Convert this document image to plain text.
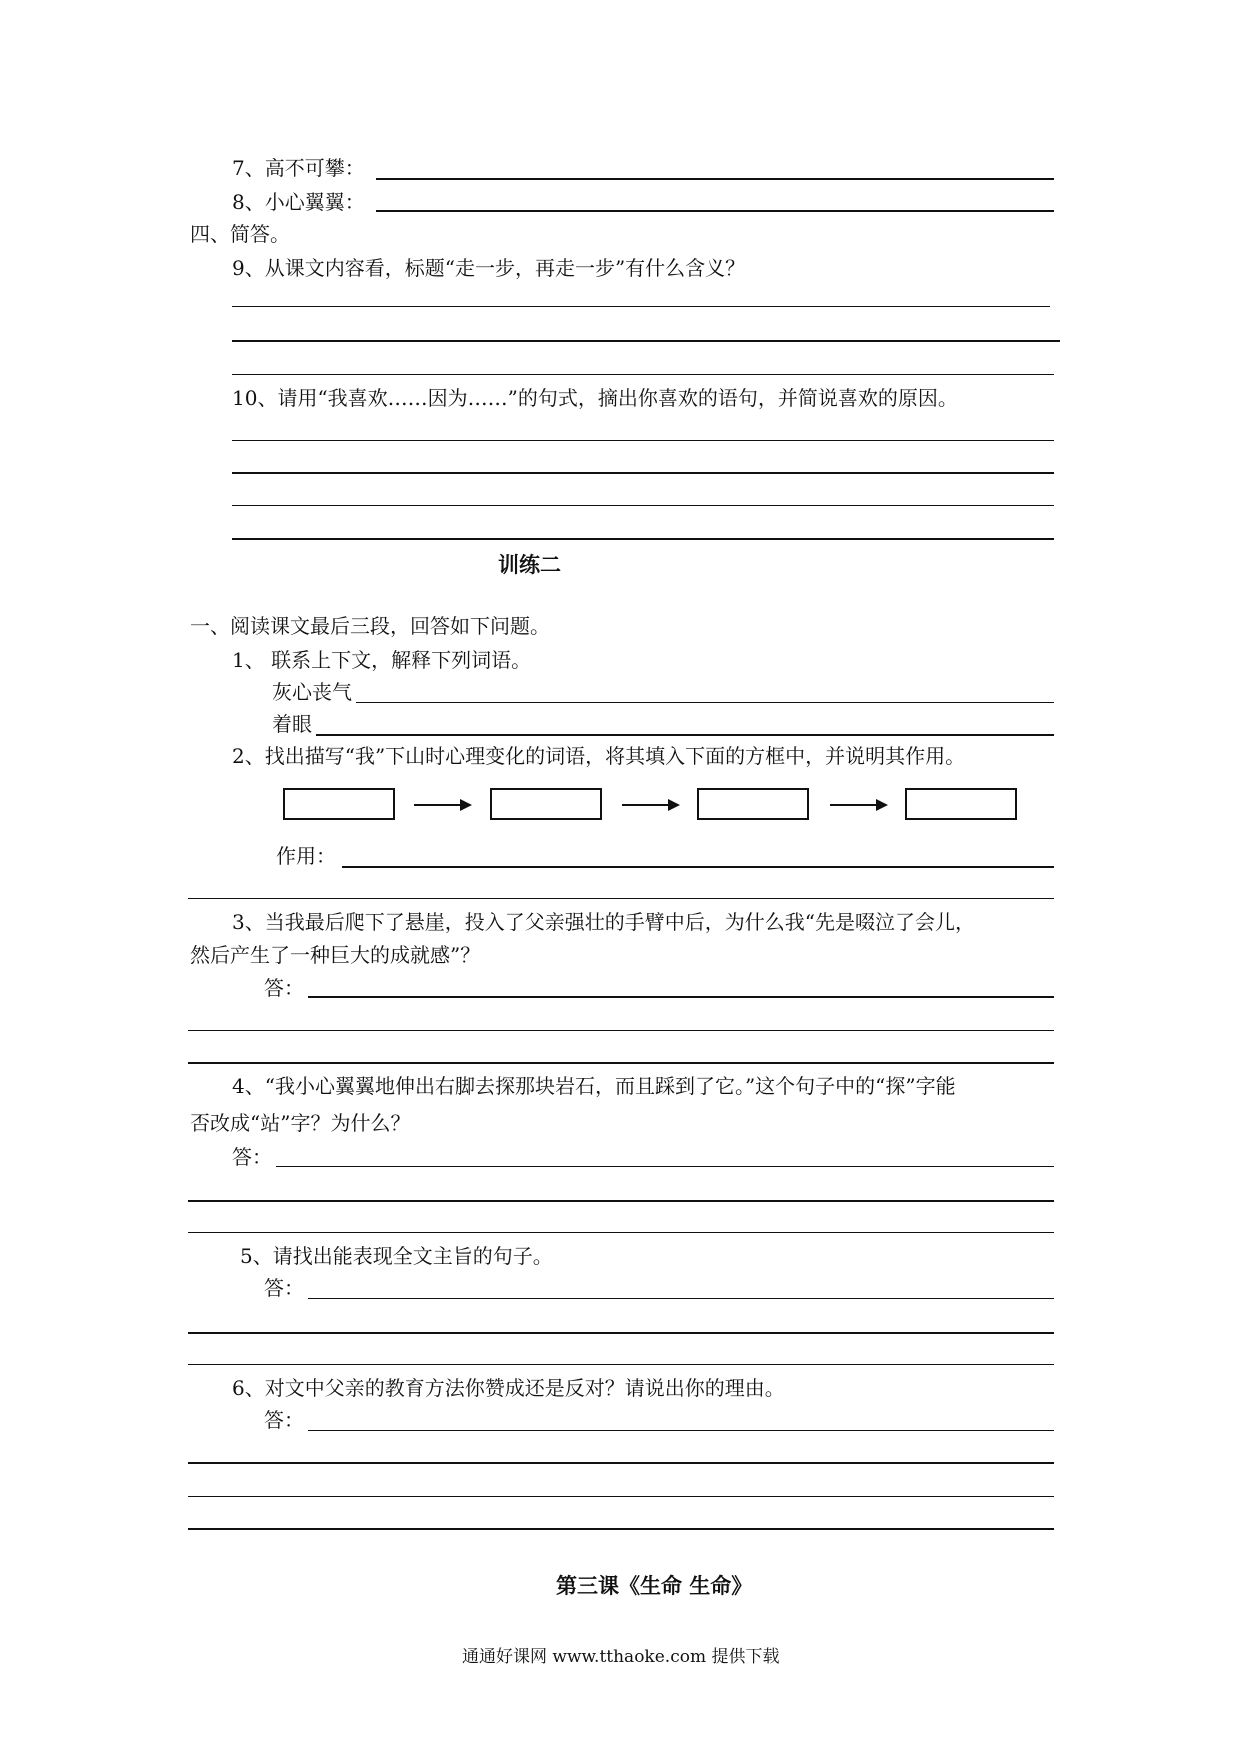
7、高不可攀：
8、小心翼翼：
四、简答。
9、从课文内容看，标题“走一步，再走一步”有什么含义？
10、请用“我喜欢……因为……”的句式，摘出你喜欢的语句，并简说喜欢的原因。
训练二
一、阅读课文最后三段，回答如下问题。
1、 联系上下文，解释下列词语。
灰心丧气
着眼
2、找出描写“我”下山时心理变化的词语，将其填入下面的方框中，并说明其作用。
作用：
3、当我最后爬下了悬崖，投入了父亲强壮的手臂中后，为什么我“先是啜泣了会儿，
然后产生了一种巨大的成就感”？
答：
4、“我小心翼翼地伸出右脚去探那块岩石，而且踩到了它。”这个句子中的“探”字能
否改成“站”字？为什么？
答：
5、请找出能表现全文主旨的句子。
答：
6、对文中父亲的教育方法你赞成还是反对？请说出你的理由。
答：
第三课《生命 生命》
通通好课网 www.tthaoke.com 提供下载
